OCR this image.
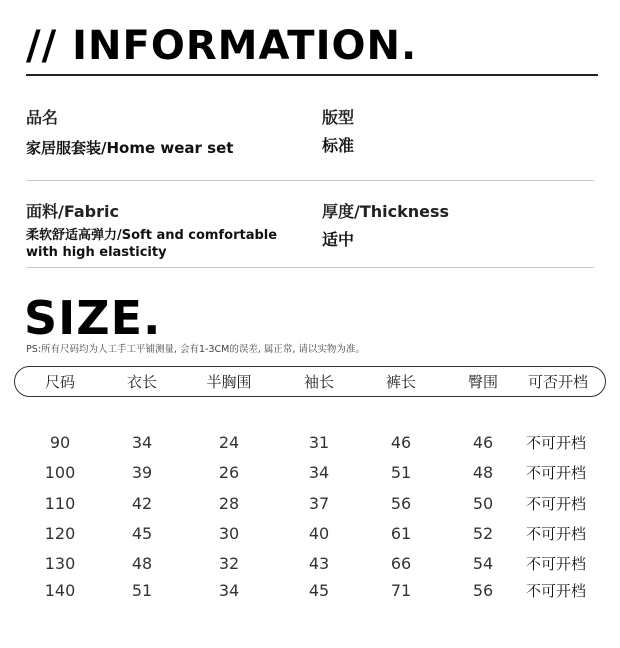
// INFORMATION.
品名
家居服套装/Home wear set
版型
标准
面料/Fabric
柔软舒适高弹力/Soft and comfortable with high elasticity
厚度/Thickness
适中
SIZE.
PS:所有尺码均为人工手工平铺测量, 会有1-3CM的误差, 属正常, 请以实物为准。
尺码	衣长	半胸围	袖长	裤长	臀围	可否开档
90	34	24	31	46	46	不可开档
100	39	26	34	51	48	不可开档
110	42	28	37	56	50	不可开档
120	45	30	40	61	52	不可开档
130	48	32	43	66	54	不可开档
140	51	34	45	71	56	不可开档
